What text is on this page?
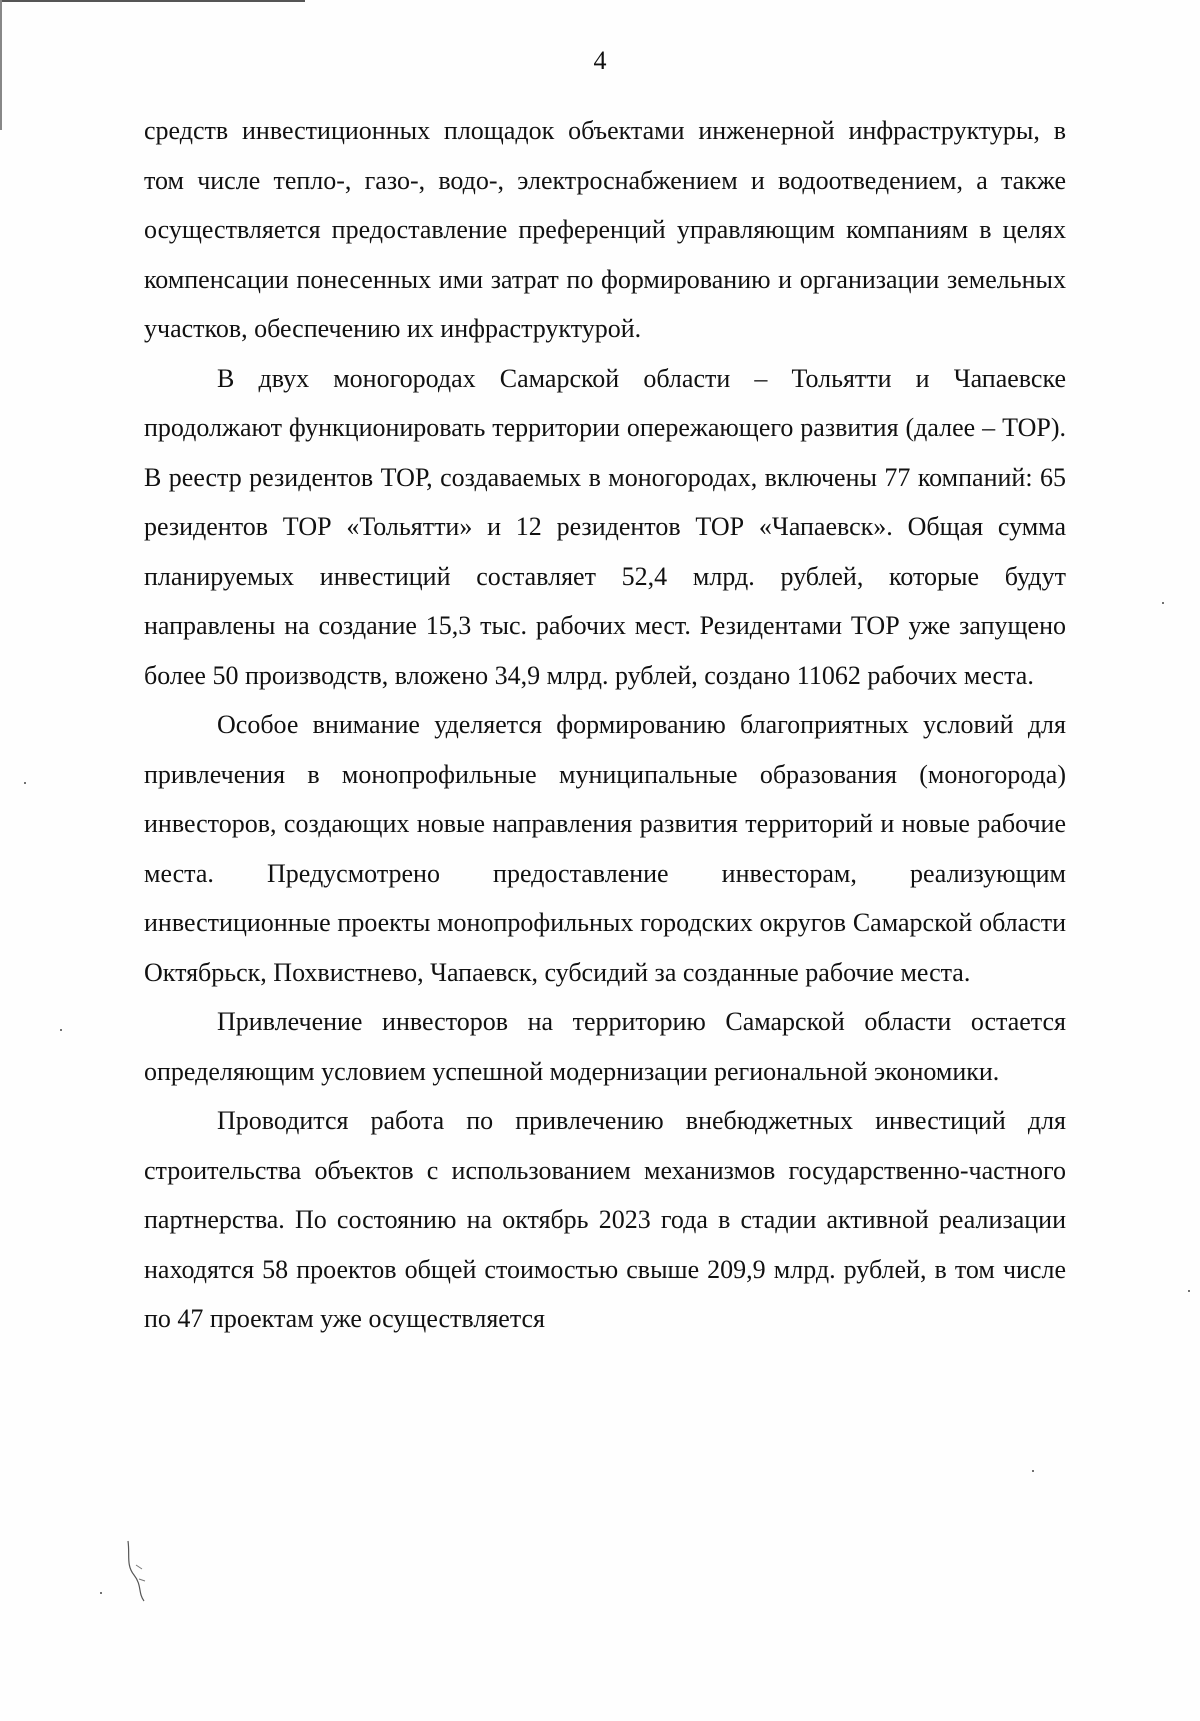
4

средств инвестиционных площадок объектами инженерной инфраструктуры, в том числе тепло-, газо-, водо-, электроснабжением и водоотведением, а также осуществляется предоставление преференций управляющим компаниям в целях компенсации понесенных ими затрат по формированию и организации земельных участков, обеспечению их инфраструктурой.

В двух моногородах Самарской области – Тольятти и Чапаевске продолжают функционировать территории опережающего развития (далее – ТОР). В реестр резидентов ТОР, создаваемых в моногородах, включены 77 компаний: 65 резидентов ТОР «Тольятти» и 12 резидентов ТОР «Чапаевск». Общая сумма планируемых инвестиций составляет 52,4 млрд. рублей, которые будут направлены на создание 15,3 тыс. рабочих мест. Резидентами ТОР уже запущено более 50 производств, вложено 34,9 млрд. рублей, создано 11062 рабочих места.

Особое внимание уделяется формированию благоприятных условий для привлечения в монопрофильные муниципальные образования (моногорода) инвесторов, создающих новые направления развития территорий и новые рабочие места. Предусмотрено предоставление инвесторам, реализующим инвестиционные проекты монопрофильных городских округов Самарской области Октябрьск, Похвистнево, Чапаевск, субсидий за созданные рабочие места.

Привлечение инвесторов на территорию Самарской области остается определяющим условием успешной модернизации региональной экономики.

Проводится работа по привлечению внебюджетных инвестиций для строительства объектов с использованием механизмов государственно-частного партнерства. По состоянию на октябрь 2023 года в стадии активной реализации находятся 58 проектов общей стоимостью свыше 209,9 млрд. рублей, в том числе по 47 проектам уже осуществляется
